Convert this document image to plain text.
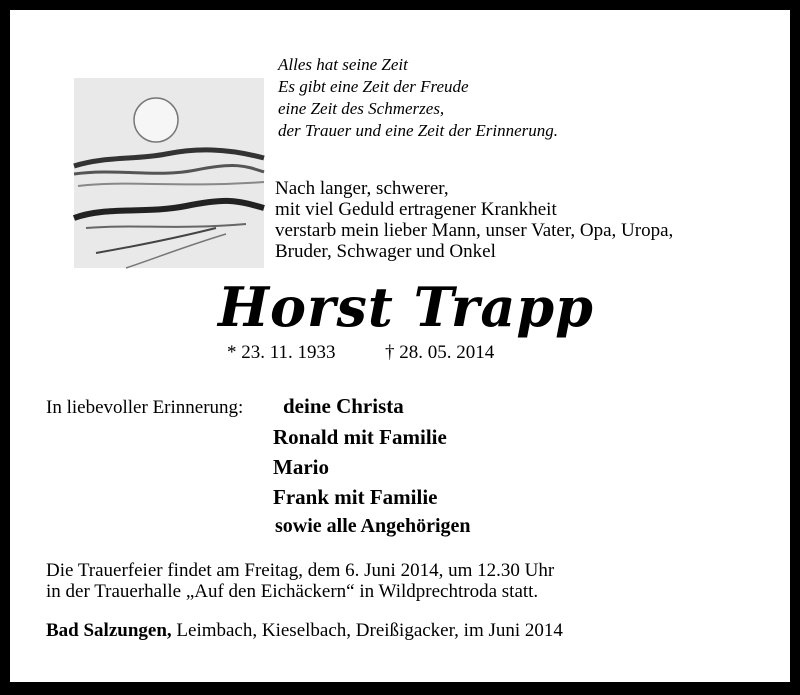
Alles hat seine Zeit
Es gibt eine Zeit der Freude
eine Zeit des Schmerzes,
der Trauer und eine Zeit der Erinnerung.
Nach langer, schwerer,
mit viel Geduld ertragener Krankheit
verstarb mein lieber Mann, unser Vater, Opa, Uropa,
Bruder, Schwager und Onkel
Horst Trapp
* 23. 11. 1933	† 28. 05. 2014
In liebevoller Erinnerung: deine Christa
Ronald mit Familie
Mario
Frank mit Familie
sowie alle Angehörigen
Die Trauerfeier findet am Freitag, dem 6. Juni 2014, um 12.30 Uhr
in der Trauerhalle „Auf den Eichäckern“ in Wildprechtroda statt.
Bad Salzungen, Leimbach, Kieselbach, Dreißigacker, im Juni 2014
